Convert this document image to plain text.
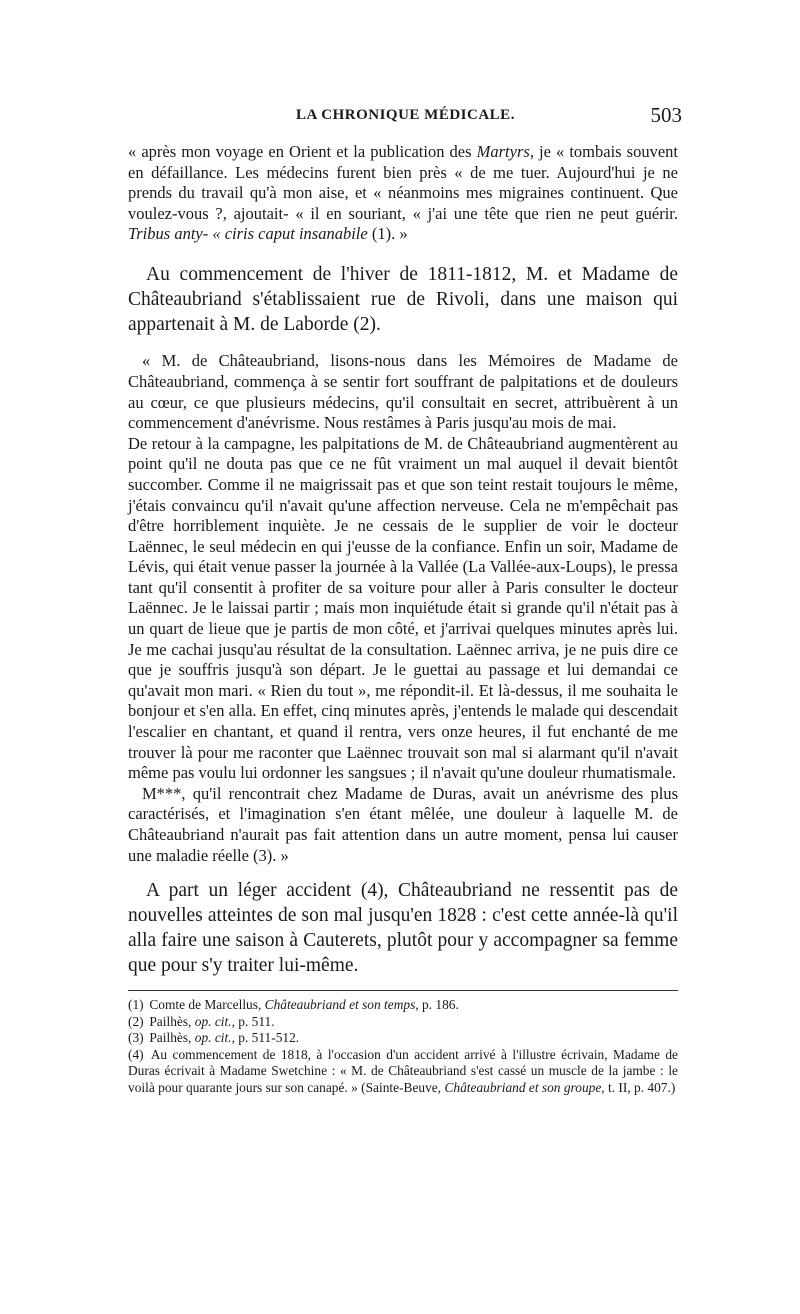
LA CHRONIQUE MÉDICALE.	503

« après mon voyage en Orient et la publication des Martyrs, je « tombais souvent en défaillance. Les médecins furent bien près « de me tuer. Aujourd'hui je ne prends du travail qu'à mon aise, et « néanmoins mes migraines continuent. Que voulez-vous ?, ajoutait- « il en souriant, « j'ai une tête que rien ne peut guérir. Tribus anty- « ciris caput insanabile (1). »

Au commencement de l'hiver de 1811-1812, M. et Madame de Châteaubriand s'établissaient rue de Rivoli, dans une maison qui appartenait à M. de Laborde (2).

« M. de Châteaubriand, lisons-nous dans les Mémoires de Madame de Châteaubriand, commença à se sentir fort souffrant de palpitations et de douleurs au cœur, ce que plusieurs médecins, qu'il consultait en secret, attribuèrent à un commencement d'anévrisme. Nous restâmes à Paris jusqu'au mois de mai.

De retour à la campagne, les palpitations de M. de Châteaubriand augmentèrent au point qu'il ne douta pas que ce ne fût vraiment un mal auquel il devait bientôt succomber. Comme il ne maigrissait pas et que son teint restait toujours le même, j'étais convaincu qu'il n'avait qu'une affection nerveuse. Cela ne m'empêchait pas d'être horriblement inquiète. Je ne cessais de le supplier de voir le docteur Laënnec, le seul médecin en qui j'eusse de la confiance. Enfin un soir, Madame de Lévis, qui était venue passer la journée à la Vallée (La Vallée-aux-Loups), le pressa tant qu'il consentit à profiter de sa voiture pour aller à Paris consulter le docteur Laënnec. Je le laissai partir ; mais mon inquiétude était si grande qu'il n'était pas à un quart de lieue que je partis de mon côté, et j'arrivai quelques minutes après lui. Je me cachai jusqu'au résultat de la consultation. Laënnec arriva, je ne puis dire ce que je souffris jusqu'à son départ. Je le guettai au passage et lui demandai ce qu'avait mon mari. « Rien du tout », me répondit-il. Et là-dessus, il me souhaita le bonjour et s'en alla. En effet, cinq minutes après, j'entends le malade qui descendait l'escalier en chantant, et quand il rentra, vers onze heures, il fut enchanté de me trouver là pour me raconter que Laënnec trouvait son mal si alarmant qu'il n'avait même pas voulu lui ordonner les sangsues ; il n'avait qu'une douleur rhumatismale.

M***, qu'il rencontrait chez Madame de Duras, avait un anévrisme des plus caractérisés, et l'imagination s'en étant mêlée, une douleur à laquelle M. de Châteaubriand n'aurait pas fait attention dans un autre moment, pensa lui causer une maladie réelle (3). »

A part un léger accident (4), Châteaubriand ne ressentit pas de nouvelles atteintes de son mal jusqu'en 1828 : c'est cette année-là qu'il alla faire une saison à Cauterets, plutôt pour y accompagner sa femme que pour s'y traiter lui-même.

(1) Comte de Marcellus, Châteaubriand et son temps, p. 186.

(2) Pailhès, op. cit., p. 511.

(3) Pailhès, op. cit., p. 511-512.

(4) Au commencement de 1818, à l'occasion d'un accident arrivé à l'illustre écrivain, Madame de Duras écrivait à Madame Swetchine : « M. de Châteaubriand s'est cassé un muscle de la jambe : le voilà pour quarante jours sur son canapé. » (Sainte-Beuve, Châteaubriand et son groupe, t. II, p. 407.)
